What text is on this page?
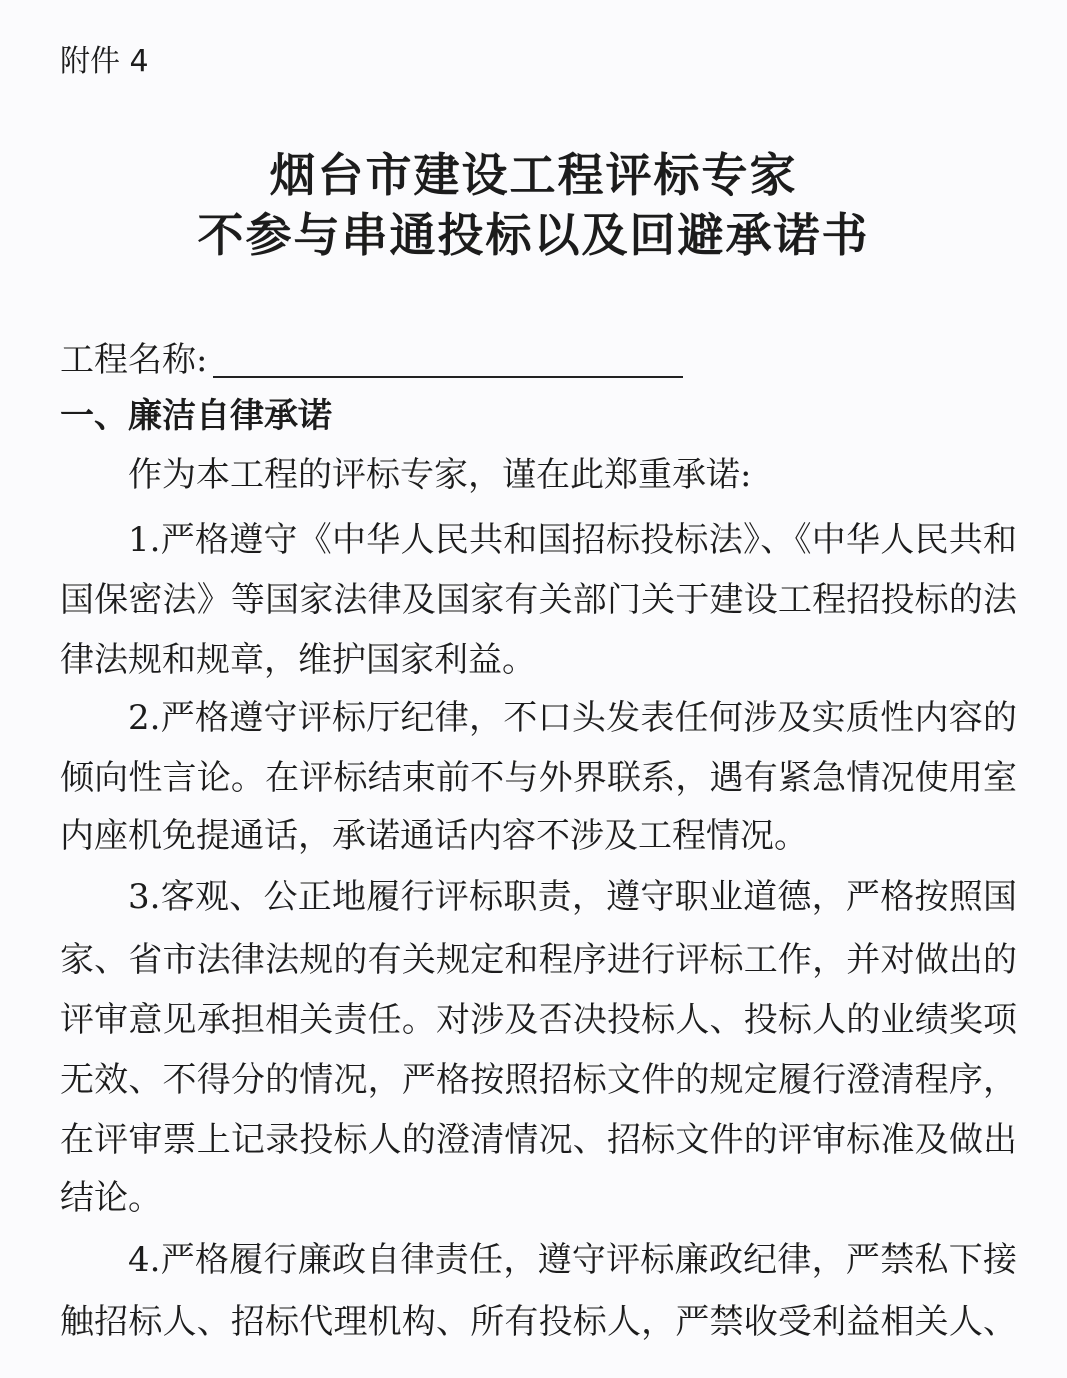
附件 4
烟台市建设工程评标专家
不参与串通投标以及回避承诺书
工程名称:
一、廉洁自律承诺
作为本工程的评标专家，谨在此郑重承诺:
1.严格遵守《中华人民共和国招标投标法》、《中华人民共和
国保密法》等国家法律及国家有关部门关于建设工程招投标的法
律法规和规章，维护国家利益。
2.严格遵守评标厅纪律，不口头发表任何涉及实质性内容的
倾向性言论。在评标结束前不与外界联系，遇有紧急情况使用室
内座机免提通话，承诺通话内容不涉及工程情况。
3.客观、公正地履行评标职责，遵守职业道德，严格按照国
家、省市法律法规的有关规定和程序进行评标工作，并对做出的
评审意见承担相关责任。对涉及否决投标人、投标人的业绩奖项
无效、不得分的情况，严格按照招标文件的规定履行澄清程序，
在评审票上记录投标人的澄清情况、招标文件的评审标准及做出
结论。
4.严格履行廉政自律责任，遵守评标廉政纪律，严禁私下接
触招标人、招标代理机构、所有投标人，严禁收受利益相关人、
